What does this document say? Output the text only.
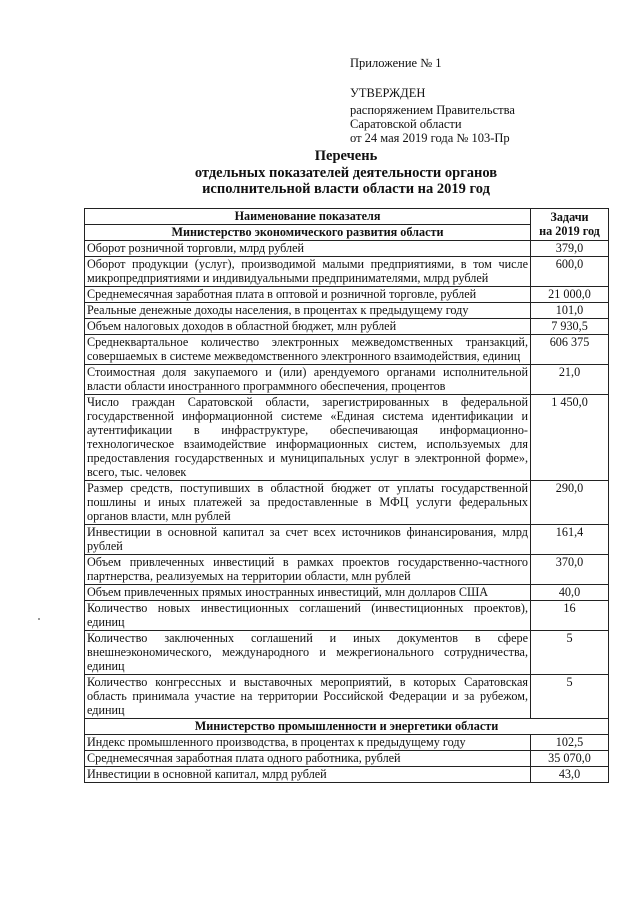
Приложение № 1
УТВЕРЖДЕН
распоряжением Правительства
Саратовской области
от 24 мая 2019 года № 103-Пр
Перечень
отдельных показателей деятельности органов
исполнительной власти области на 2019 год
Наименование показателя	Задачи
на 2019 год

Министерство экономического развития области	
Оборот розничной торговли, млрд рублей	379,0
Оборот продукции (услуг), производимой малыми предприятиями, в том числе микропредприятиями и индивидуальными предпринимателями, млрд рублей	600,0
Среднемесячная заработная плата в оптовой и розничной торговле, рублей	21 000,0
Реальные денежные доходы населения, в процентах к предыдущему году	101,0
Объем налоговых доходов в областной бюджет, млн рублей	7 930,5
Среднеквартальное количество электронных межведомственных транзакций, совершаемых в системе межведомственного электронного взаимодействия, единиц	606 375
Стоимостная доля закупаемого и (или) арендуемого органами исполнительной власти области иностранного программного обеспечения, процентов	21,0
Число граждан Саратовской области, зарегистрированных в федеральной государственной информационной системе «Единая система идентификации и аутентификации в инфраструктуре, обеспечивающая информационно-технологическое взаимодействие информационных систем, используемых для предоставления государственных и муниципальных услуг в электронной форме», всего, тыс. человек	1 450,0
Размер средств, поступивших в областной бюджет от уплаты государственной пошлины и иных платежей за предоставленные в МФЦ услуги федеральных органов власти, млн рублей	290,0
Инвестиции в основной капитал за счет всех источников финансирования, млрд рублей	161,4
Объем привлеченных инвестиций в рамках проектов государственно-частного партнерства, реализуемых на территории области, млн рублей	370,0
Объем привлеченных прямых иностранных инвестиций, млн долларов США	40,0
Количество новых инвестиционных соглашений (инвестиционных проектов), единиц	16
Количество заключенных соглашений и иных документов в сфере внешнеэкономического, международного и межрегионального сотрудничества, единиц	5
Количество конгрессных и выставочных мероприятий, в которых Саратовская область принимала участие на территории Российской Федерации и за рубежом, единиц	5
Министерство промышленности и энергетики области	
Индекс промышленного производства, в процентах к предыдущему году	102,5
Среднемесячная заработная плата одного работника, рублей	35 070,0
Инвестиции в основной капитал, млрд рублей	43,0
